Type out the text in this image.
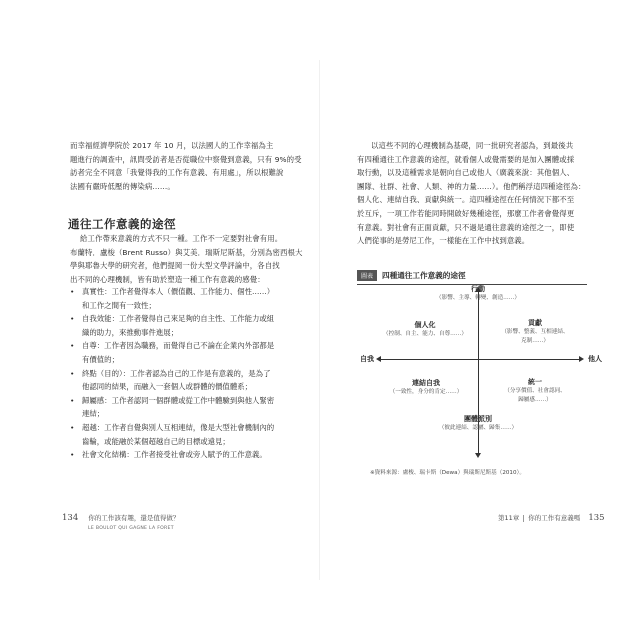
而幸福經濟學院於 2017 年 10 月，以法國人的工作幸福為主
題進行的調查中，訊問受訪者是否從職位中察覺到意義，只有 9%的受
訪者完全不同意「我覺得我的工作有意義、有用處」，所以根難說
法國有嚴時低壓的傳染病……。
通往工作意義的途徑
給工作帶來意義的方式不只一種。工作不一定要對社會有用。
布蘭特．盧梭（Brent Russo）與艾美．瑞斯尼斯基，分別為密西根大
學與耶魯大學的研究者，他們提岡一份大型文學評論中，各自找
出不同的心理機制，皆有助於塑造一種工作有意義的感覺：
• 真實性：工作者覺得本人（價值觀、工作能力、個性……）
和工作之間有一致性；
• 自我效能：工作者覺得自己來足夠的自主性、工作能力或組
織的助力，來推動事件進展；
• 自尊：工作者因為職務，而覺得自己不論在企業內外部都是
有價值的；
• 終點（目的）：工作者認為自己的工作是有意義的，是為了
他認同的結果，而融入一套個人或群體的價值體系；
• 歸屬感：工作者認同一個群體或從工作中體驗到與他人緊密
連結；
• 超越：工作者自覺與別人互相連結，像是大型社會機制內的
齒輪，或能融於某個超越自己的目標或遠見；
• 社會文化結構：工作者接受社會或旁人賦予的工作意義。
134 你的工作該有趣，還是值得做？
LE BOULOT QUI GAGNE LA FORET
以這些不同的心理機制為基礎，同一批研究者認為，到最後共
有四種通往工作意義的途徑，就看個人或覺需要的是加入團體或採
取行動，以及這種需求是朝向自己或他人（廣義來說：其他個人、
團隊、社群、社會、人類、神的力量……）。他們稱浮這四種途徑為：
個人化、連結自我、貢獻與統一。這四種途徑在任何情況下都不至
於互斥，一項工作若能同時開啟好幾種途徑，那麼工作者會覺得更
有意義。對社會有正面貢獻，只不過是通往意義的途徑之一，即使
人們從事的是勞尼工作，一樣能在工作中找到意義。
圖表	四種通往工作意義的途徑
行動
（影響、主導、轉變、創造……）
個人化
（控制、自主、能力、自尊……）
貢獻
（影響、整義、互相連結、
克制……）
自我	他人
連結自我
（一致性，身分的肯定……）
統一
（分享價值、社會認同、
歸屬感……）
團體派別
（彼此連結、認屬、歸集……）
※資料來源：盧梭、瑞卡斯（Dewa）與瑞斯尼斯基（2010）。
第11章 你的工作有意義嗎 135
